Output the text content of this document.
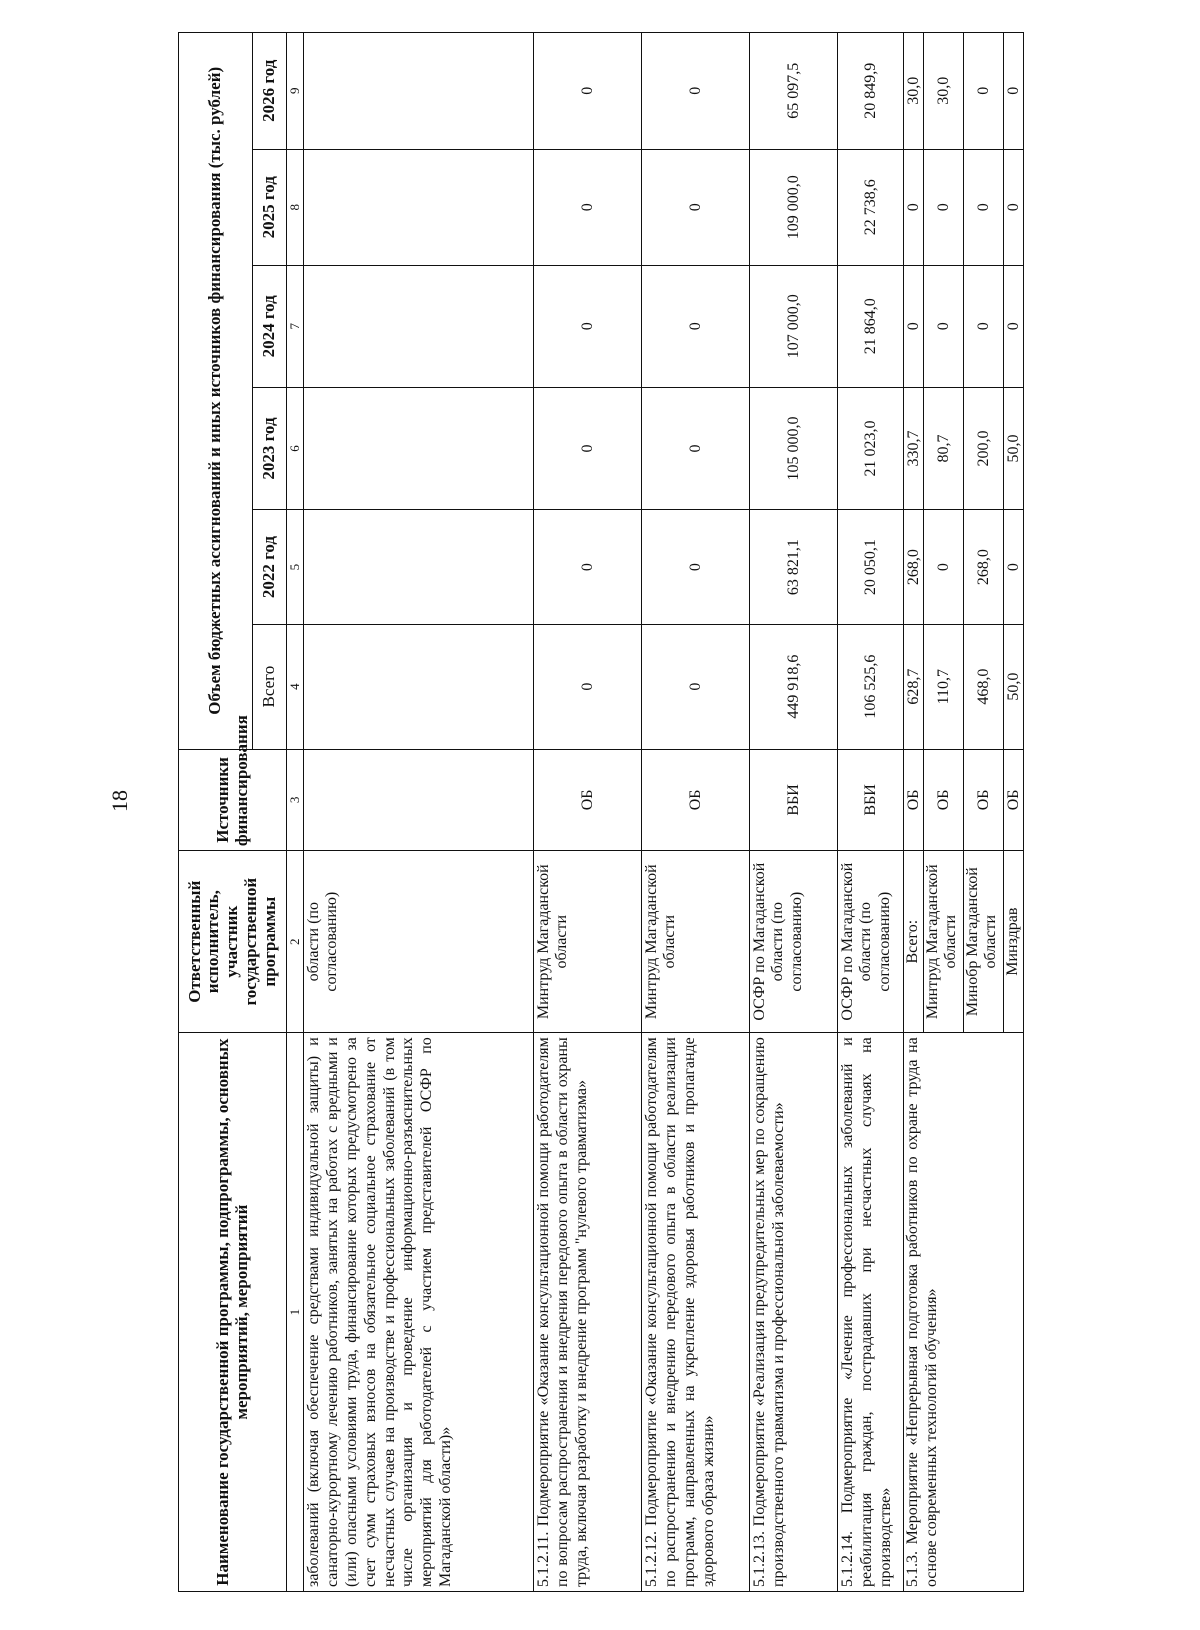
18
Наименование государственной программы, подпрограммы, основных мероприятий, мероприятий	Ответственный исполнитель, участник государственной программы	Источники финансирования	Объем бюджетных ассигнований и иных источников финансирования (тыс. рублей)					
			Всего	2022 год	2023 год	2024 год	2025 год	2026 год
1	2	3	4	5	6	7	8	9
заболеваний (включая обеспечение средствами индивидуальной защиты) и санаторно-курортному лечению работников, занятых на работах с вредными и (или) опасными условиями труда, финансирование которых предусмотрено за счет сумм страховых взносов на обязательное социальное страхование от несчастных случаев на производстве и профессиональных заболеваний (в том числе организация и проведение информационно-разъяснительных мероприятий для работодателей с участием представителей ОСФР по Магаданской области)»	области (по согласованию)							
5.1.2.11. Подмероприятие «Оказание консультационной помощи работодателям по вопросам распространения и внедрения передового опыта в области охраны труда, включая разработку и внедрение программ "нулевого травматизма»	Минтруд Магаданской области	ОБ	0	0	0	0	0	0
5.1.2.12. Подмероприятие «Оказание консультационной помощи работодателям по распространению и внедрению передового опыта в области реализации программ, направленных на укрепление здоровья работников и пропаганде здорового образа жизни»	Минтруд Магаданской области	ОБ	0	0	0	0	0	0
5.1.2.13. Подмероприятие «Реализация предупредительных мер по сокращению производственного травматизма и профессиональной заболеваемости»	ОСФР по Магаданской области (по согласованию)	ВБИ	449 918,6	63 821,1	105 000,0	107 000,0	109 000,0	65 097,5
5.1.2.14. Подмероприятие «Лечение профессиональных заболеваний и реабилитация граждан, пострадавших при несчастных случаях на производстве»	ОСФР по Магаданской области (по согласованию)	ВБИ	106 525,6	20 050,1	21 023,0	21 864,0	22 738,6	20 849,9
5.1.3. Мероприятие «Непрерывная подготовка работников по охране труда на основе современных технологий обучения»	Всего:	ОБ	628,7	268,0	330,7	0	0	30,0
	Минтруд Магаданской области	ОБ	110,7	0	80,7	0	0	30,0
	Минобр Магаданской области	ОБ	468,0	268,0	200,0	0	0	0
	Минздрав	ОБ	50,0	0	50,0	0	0	0
